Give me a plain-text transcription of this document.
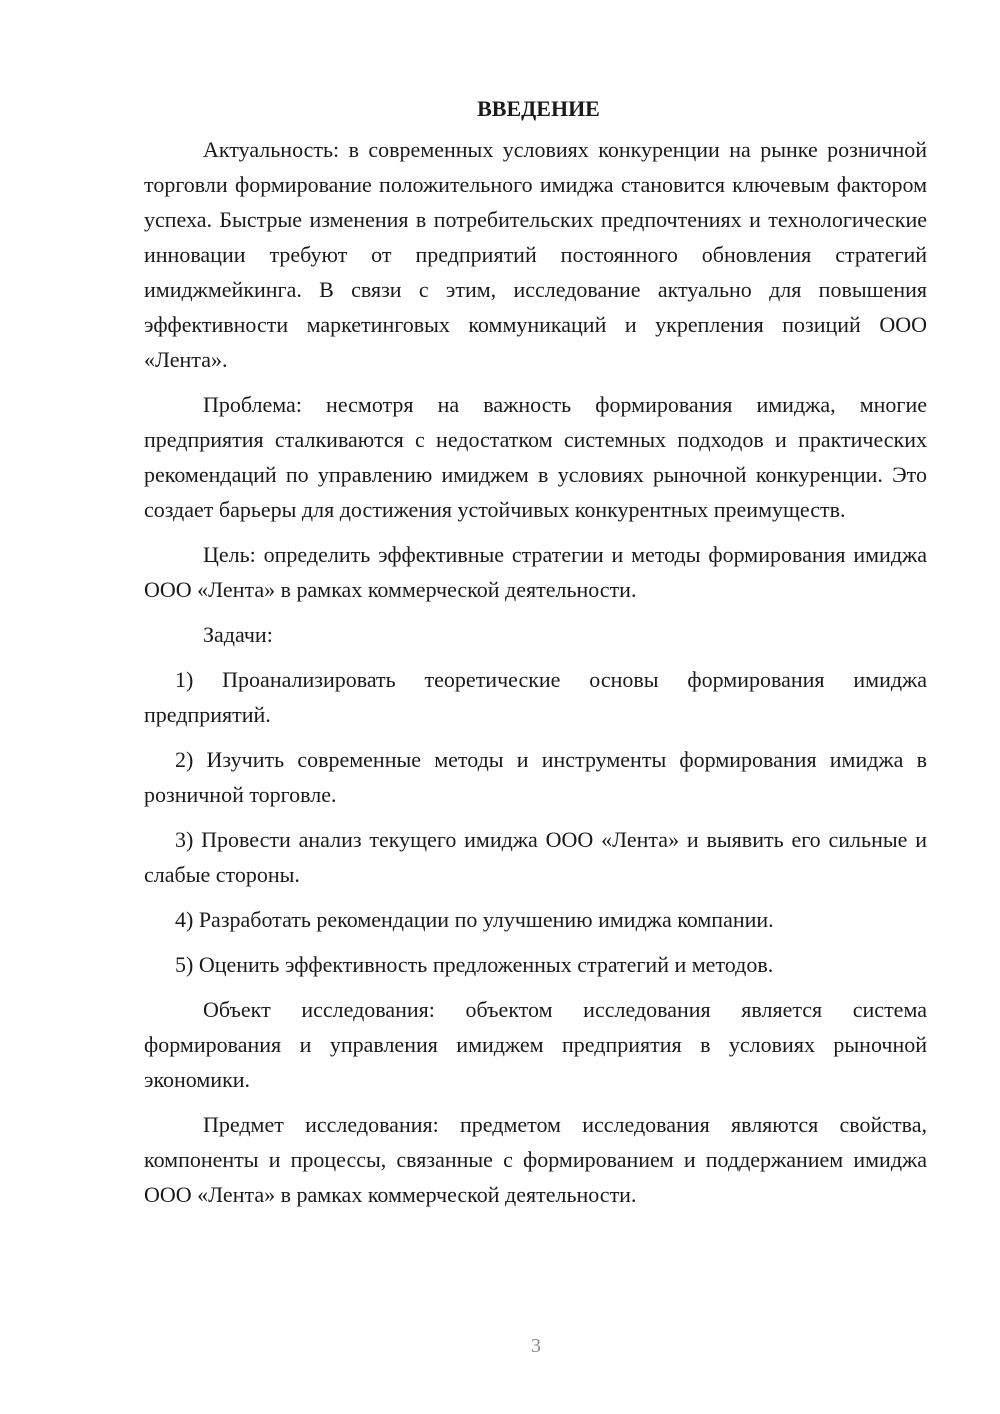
ВВЕДЕНИЕ

Актуальность: в современных условиях конкуренции на рынке розничной торговли формирование положительного имиджа становится ключевым фактором успеха. Быстрые изменения в потребительских предпочтениях и технологические инновации требуют от предприятий постоянного обновления стратегий имиджмейкинга. В связи с этим, исследование актуально для повышения эффективности маркетинговых коммуникаций и укрепления позиций ООО «Лента».

Проблема: несмотря на важность формирования имиджа, многие предприятия сталкиваются с недостатком системных подходов и практических рекомендаций по управлению имиджем в условиях рыночной конкуренции. Это создает барьеры для достижения устойчивых конкурентных преимуществ.

Цель: определить эффективные стратегии и методы формирования имиджа ООО «Лента» в рамках коммерческой деятельности.

Задачи:

1) Проанализировать теоретические основы формирования имиджа предприятий.

2) Изучить современные методы и инструменты формирования имиджа в розничной торговле.

3) Провести анализ текущего имиджа ООО «Лента» и выявить его сильные и слабые стороны.

4) Разработать рекомендации по улучшению имиджа компании.

5) Оценить эффективность предложенных стратегий и методов.

Объект исследования: объектом исследования является система формирования и управления имиджем предприятия в условиях рыночной экономики.

Предмет исследования: предметом исследования являются свойства, компоненты и процессы, связанные с формированием и поддержанием имиджа ООО «Лента» в рамках коммерческой деятельности.

3
